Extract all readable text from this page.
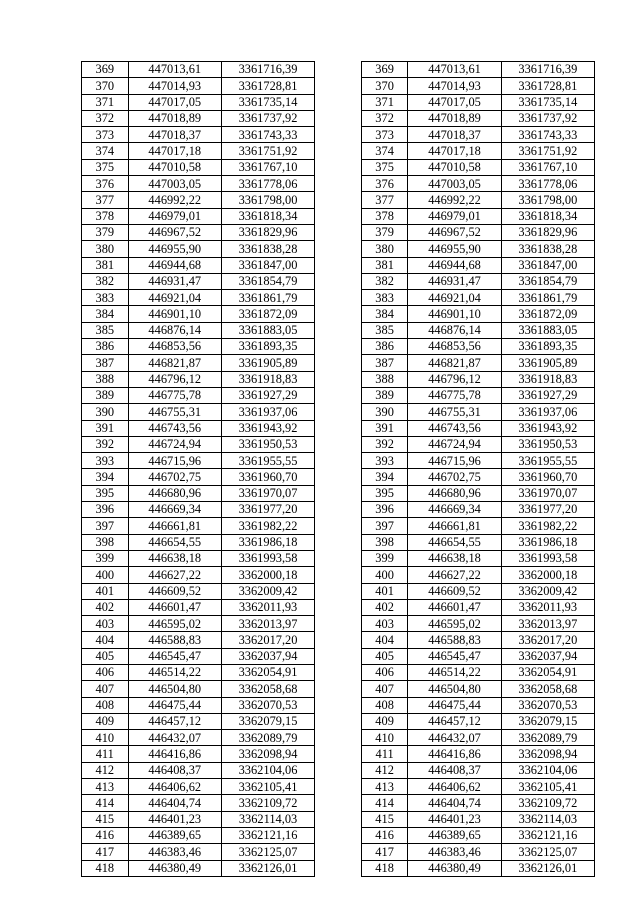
369	447013,61	3361716,39		369	447013,61	3361716,39
370	447014,93	3361728,81		370	447014,93	3361728,81
371	447017,05	3361735,14		371	447017,05	3361735,14
372	447018,89	3361737,92		372	447018,89	3361737,92
373	447018,37	3361743,33		373	447018,37	3361743,33
374	447017,18	3361751,92		374	447017,18	3361751,92
375	447010,58	3361767,10		375	447010,58	3361767,10
376	447003,05	3361778,06		376	447003,05	3361778,06
377	446992,22	3361798,00		377	446992,22	3361798,00
378	446979,01	3361818,34		378	446979,01	3361818,34
379	446967,52	3361829,96		379	446967,52	3361829,96
380	446955,90	3361838,28		380	446955,90	3361838,28
381	446944,68	3361847,00		381	446944,68	3361847,00
382	446931,47	3361854,79		382	446931,47	3361854,79
383	446921,04	3361861,79		383	446921,04	3361861,79
384	446901,10	3361872,09		384	446901,10	3361872,09
385	446876,14	3361883,05		385	446876,14	3361883,05
386	446853,56	3361893,35		386	446853,56	3361893,35
387	446821,87	3361905,89		387	446821,87	3361905,89
388	446796,12	3361918,83		388	446796,12	3361918,83
389	446775,78	3361927,29		389	446775,78	3361927,29
390	446755,31	3361937,06		390	446755,31	3361937,06
391	446743,56	3361943,92		391	446743,56	3361943,92
392	446724,94	3361950,53		392	446724,94	3361950,53
393	446715,96	3361955,55		393	446715,96	3361955,55
394	446702,75	3361960,70		394	446702,75	3361960,70
395	446680,96	3361970,07		395	446680,96	3361970,07
396	446669,34	3361977,20		396	446669,34	3361977,20
397	446661,81	3361982,22		397	446661,81	3361982,22
398	446654,55	3361986,18		398	446654,55	3361986,18
399	446638,18	3361993,58		399	446638,18	3361993,58
400	446627,22	3362000,18		400	446627,22	3362000,18
401	446609,52	3362009,42		401	446609,52	3362009,42
402	446601,47	3362011,93		402	446601,47	3362011,93
403	446595,02	3362013,97		403	446595,02	3362013,97
404	446588,83	3362017,20		404	446588,83	3362017,20
405	446545,47	3362037,94		405	446545,47	3362037,94
406	446514,22	3362054,91		406	446514,22	3362054,91
407	446504,80	3362058,68		407	446504,80	3362058,68
408	446475,44	3362070,53		408	446475,44	3362070,53
409	446457,12	3362079,15		409	446457,12	3362079,15
410	446432,07	3362089,79		410	446432,07	3362089,79
411	446416,86	3362098,94		411	446416,86	3362098,94
412	446408,37	3362104,06		412	446408,37	3362104,06
413	446406,62	3362105,41		413	446406,62	3362105,41
414	446404,74	3362109,72		414	446404,74	3362109,72
415	446401,23	3362114,03		415	446401,23	3362114,03
416	446389,65	3362121,16		416	446389,65	3362121,16
417	446383,46	3362125,07		417	446383,46	3362125,07
418	446380,49	3362126,01		418	446380,49	3362126,01
